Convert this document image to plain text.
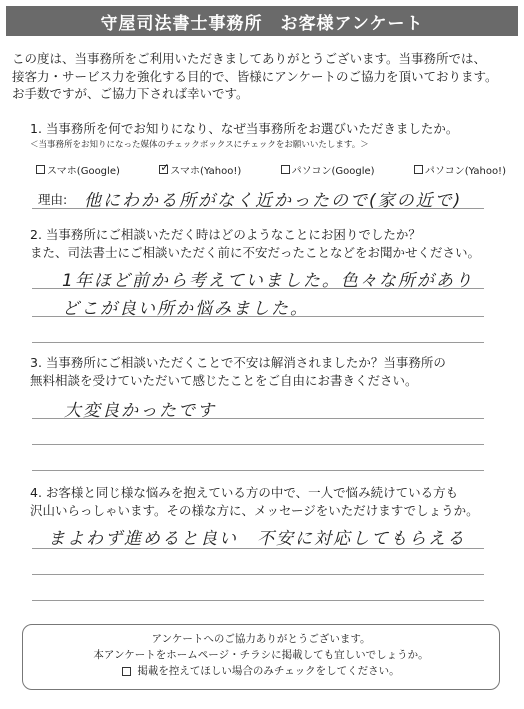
守屋司法書士事務所　お客様アンケート
この度は、当事務所をご利用いただきましてありがとうございます。当事務所では、
接客力・サービス力を強化する目的で、皆様にアンケートのご協力を頂いております。
お手数ですが、ご協力下されば幸いです。
1. 当事務所を何でお知りになり、なぜ当事務所をお選びいただきましたか。
＜当事務所をお知りになった媒体のチェックボックスにチェックをお願いいたします。＞
スマホ(Google)
✓	スマホ(Yahoo!)	パソコン(Google)	パソコン(Yahoo!)
理由: 他にわかる所がなく近かったので(家の近で)
2. 当事務所にご相談いただく時はどのようなことにお困りでしたか？
また、司法書士にご相談いただく前に不安だったことなどをお聞かせください。
1年ほど前から考えていました。色々な所があり
どこが良い所か悩みました。
3. 当事務所にご相談いただくことで不安は解消されましたか？当事務所の
無料相談を受けていただいて感じたことをご自由にお書きください。
大変良かったです
4. お客様と同じ様な悩みを抱えている方の中で、一人で悩み続けている方も
沢山いらっしゃいます。その様な方に、メッセージをいただけますでしょうか。
まよわず進めると良い　不安に対応してもらえる
アンケートへのご協力ありがとうございます。
本アンケートをホームページ・チラシに掲載しても宜しいでしょうか。
掲載を控えてほしい場合のみチェックをしてください。
